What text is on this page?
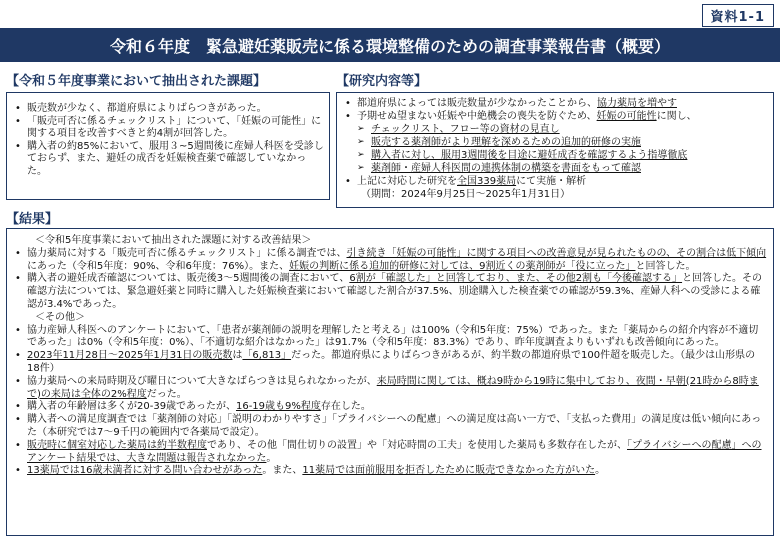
資料1-1
令和６年度　緊急避妊薬販売に係る環境整備のための調査事業報告書（概要）
【令和５年度事業において抽出された課題】
• 販売数が少なく、都道府県によりばらつきがあった。
• 「販売可否に係るチェックリスト」について、「妊娠の可能性」に関する項目を改善すべきと約4割が回答した。
• 購入者の約85%において、服用３~5週間後に産婦人科医を受診しておらず、また、避妊の成否を妊娠検査薬で確認していなかった。
【研究内容等】
• 都道府県によっては販売数量が少なかったことから、協力薬局を増やす
• 予期せぬ望まない妊娠や中絶機会の喪失を防ぐため、妊娠の可能性に関し、
➢ チェックリスト、フロー等の資材の見直し
➢ 販売する薬剤師がより理解を深めるための追加的研修の実施
➢ 購入者に対し、服用3週間後を目途に避妊成否を確認するよう指導徹底
➢ 薬剤師・産婦人科医間の連携体制の構築を書面をもって確認
• 上記に対応した研究を全国339薬局にて実施・解析
（期間：2024年9月25日～2025年1月31日）
【結果】
＜令和5年度事業において抽出された課題に対する改善結果＞
• 協力薬局に対する「販売可否に係るチェックリスト」に係る調査では、引き続き「妊娠の可能性」に関する項目への改善意見が見られたものの、その割合は低下傾向にあった（令和5年度：90%、令和6年度：76%）。また、妊娠の判断に係る追加的研修に対しては、9割近くの薬剤師が「役に立った」と回答した。
• 購入者の避妊成否確認については、販売後3～5週間後の調査において、6割が「確認した」と回答しており、また、その他2割も「今後確認する」と回答した。その確認方法については、緊急避妊薬と同時に購入した妊娠検査薬において確認した割合が37.5%、別途購入した検査薬での確認が59.3%、産婦人科への受診による確認が3.4%であった。
＜その他＞
• 協力産婦人科医へのアンケートにおいて、「患者が薬剤師の説明を理解したと考える」は100%（令和5年度：75%）であった。また「薬局からの紹介内容が不適切であった」は0%（令和5年度：0%）、「不適切な紹介はなかった」は91.7%（令和5年度：83.3%）であり、昨年度調査よりもいずれも改善傾向にあった。
• 2023年11月28日～2025年1月31日の販売数は「6,813」だった。都道府県によりばらつきがあるが、約半数の都道府県で100件超を販売した。（最少は山形県の18件）
• 協力薬局への来局時期及び曜日について大きなばらつきは見られなかったが、来局時間に関しては、概ね9時から19時に集中しており、夜間・早朝(21時から8時まで)の来局は全体の2%程度だった。
• 購入者の年齢層は多くが20-39歳であったが、16-19歳も9%程度存在した。
• 購入者への満足度調査では「薬剤師の対応」「説明のわかりやすさ」「プライバシーへの配慮」への満足度は高い一方で、「支払った費用」の満足度は低い傾向にあった（本研究では7～9千円の範囲内で各薬局で設定）。
• 販売時に個室対応した薬局は約半数程度であり、その他「間仕切りの設置」や「対応時間の工夫」を使用した薬局も多数存在したが、「プライバシーへの配慮」へのアンケート結果では、大きな問題は報告されなかった。
• 13薬局では16歳未満者に対する問い合わせがあった。また、11薬局では面前服用を拒否したために販売できなかった方がいた。
